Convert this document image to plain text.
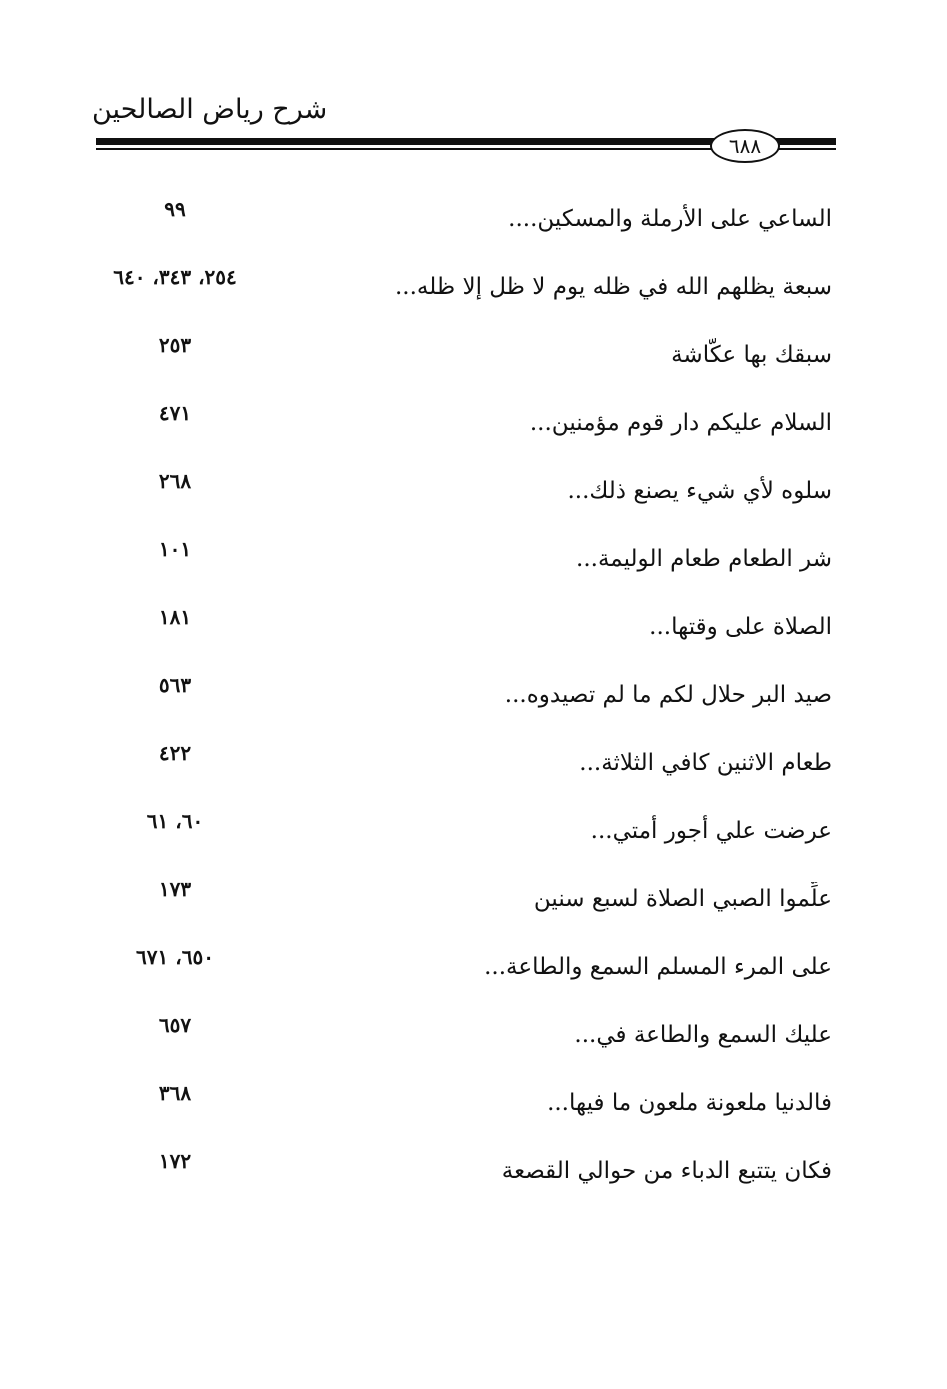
شرح رياض الصالحين
٦٨٨
الساعي على الأرملة والمسكين....
٩٩
سبعة يظلهم الله في ظله يوم لا ظل إلا ظله...
٢٥٤، ٣٤٣، ٦٤٠
سبقك بها عكَّاشة
٢٥٣
السلام عليكم دار قوم مؤمنين...
٤٧١
سلوه لأي شيء يصنع ذلك...
٢٦٨
شر الطعام طعام الوليمة...
١٠١
الصلاة على وقتها...
١٨١
صيد البر حلال لكم ما لم تصيدوه...
٥٦٣
طعام الاثنين كافي الثلاثة...
٤٢٢
عرضت علي أجور أمتي...
٦٠، ٦١
علِّموا الصبي الصلاة لسبع سنين
١٧٣
على المرء المسلم السمع والطاعة...
٦٥٠، ٦٧١
عليك السمع والطاعة في...
٦٥٧
فالدنيا ملعونة ملعون ما فيها...
٣٦٨
فكان يتتبع الدباء من حوالي القصعة
١٧٢
